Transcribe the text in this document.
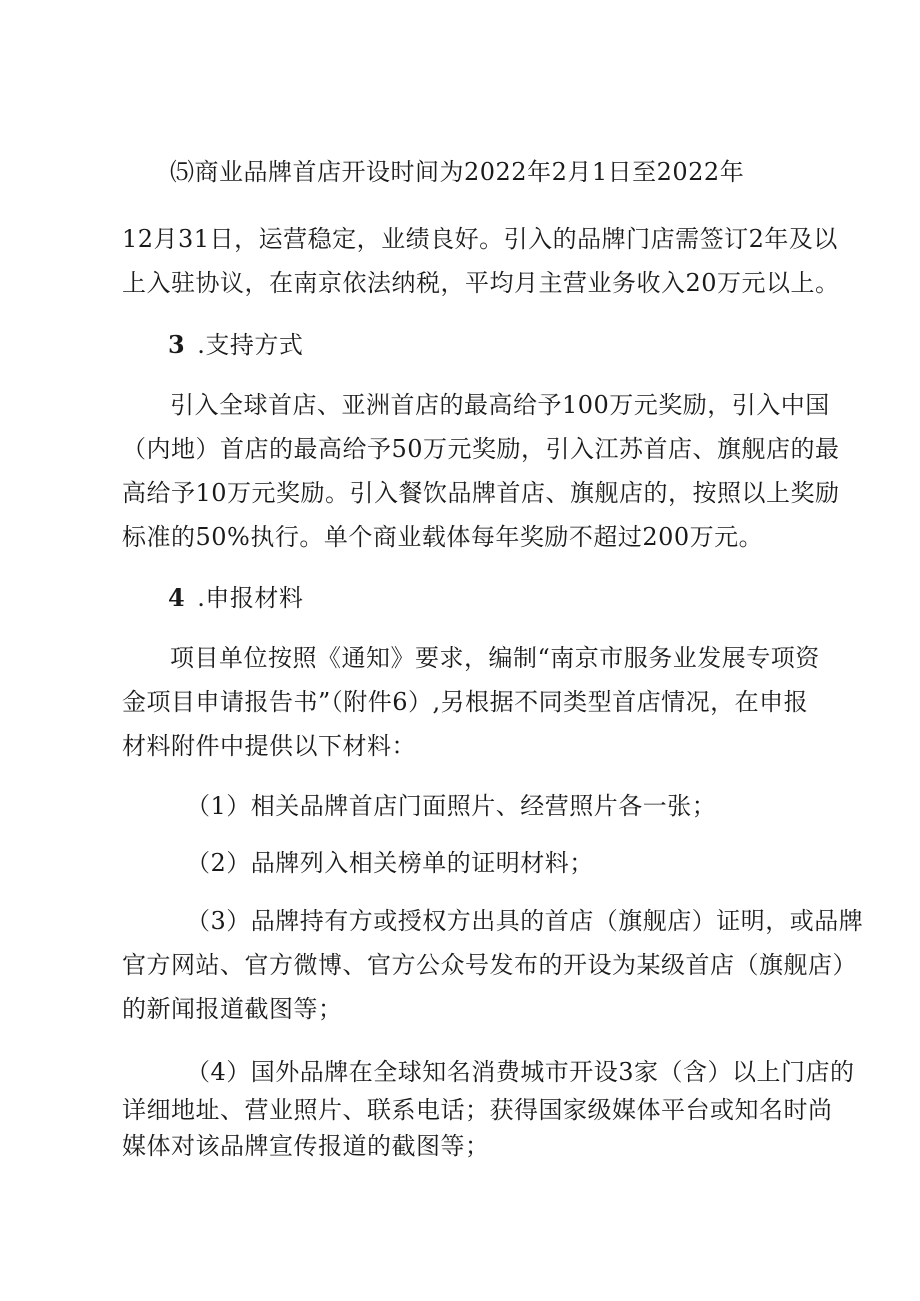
⑸商业品牌首店开设时间为2022年2月1日至2022年
12月31日，运营稳定，业绩良好。引入的品牌门店需签订2年及以
上入驻协议，在南京依法纳税，平均月主营业务收入20万元以上。
3 .支持方式
引入全球首店、亚洲首店的最高给予100万元奖励，引入中国
（内地）首店的最高给予50万元奖励，引入江苏首店、旗舰店的最
高给予10万元奖励。引入餐饮品牌首店、旗舰店的，按照以上奖励
标准的50%执行。单个商业载体每年奖励不超过200万元。
4 .申报材料
项目单位按照《通知》要求，编制“南京市服务业发展专项资
金项目申请报告书”（附件6）,另根据不同类型首店情况，在申报
材料附件中提供以下材料：
（1）相关品牌首店门面照片、经营照片各一张；
（2）品牌列入相关榜单的证明材料；
（3）品牌持有方或授权方出具的首店（旗舰店）证明，或品牌
官方网站、官方微博、官方公众号发布的开设为某级首店（旗舰店）
的新闻报道截图等；
（4）国外品牌在全球知名消费城市开设3家（含）以上门店的
详细地址、营业照片、联系电话；获得国家级媒体平台或知名时尚
媒体对该品牌宣传报道的截图等；
